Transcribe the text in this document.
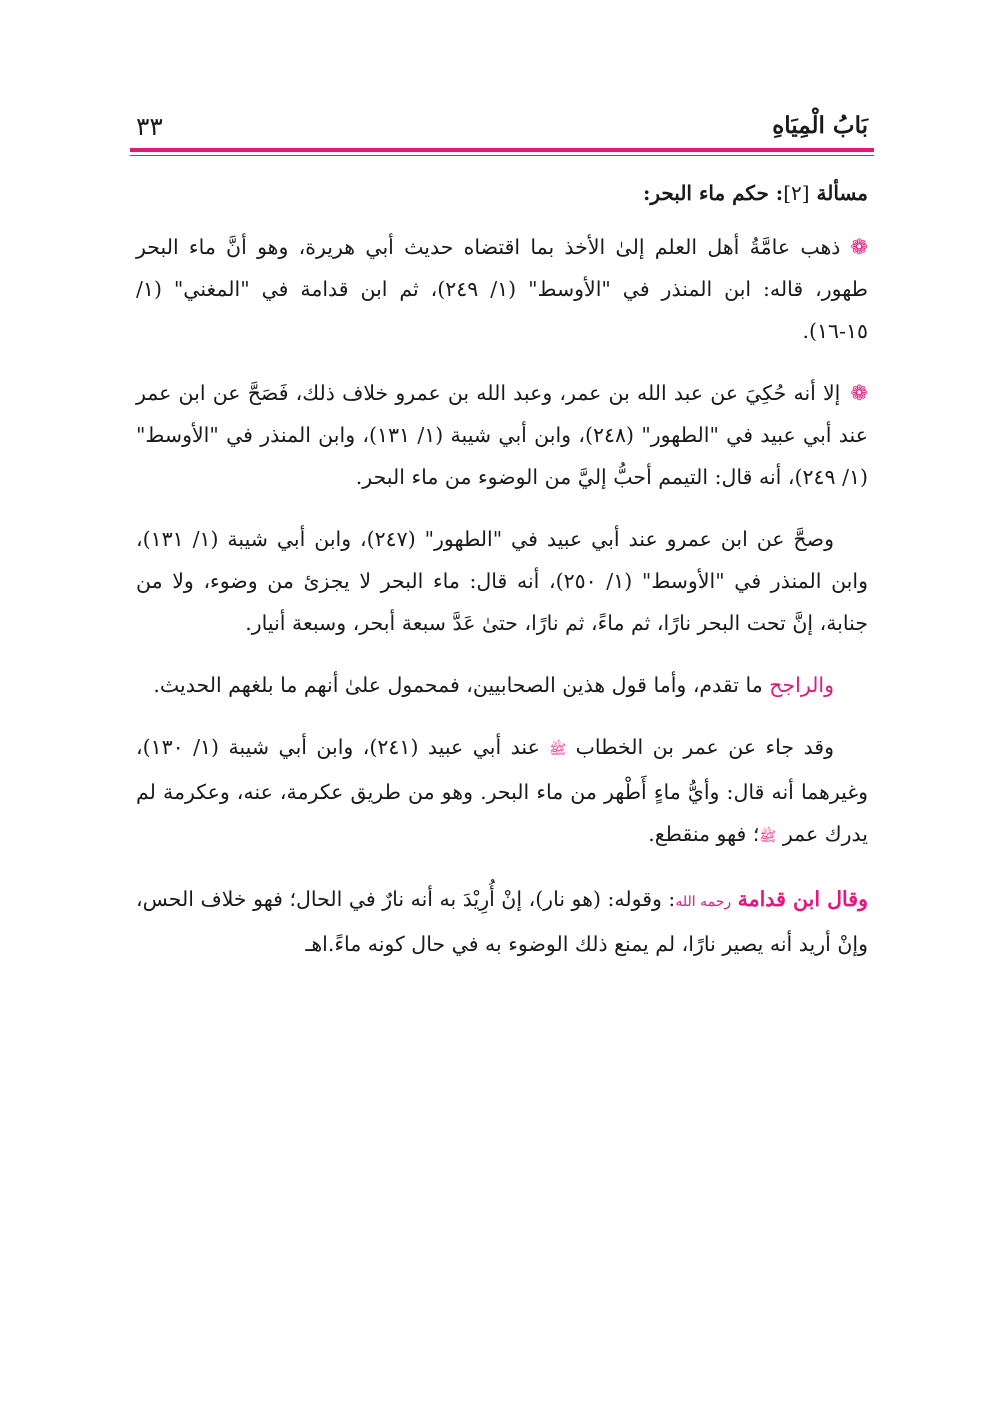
بَابُ الْمِيَاهِ
٣٣
مسألة [٢]: حكم ماء البحر:

❁ذهب عامَّةُ أهل العلم إلىٰ الأخذ بما اقتضاه حديث أبي هريرة، وهو أنَّ ماء البحر طهور، قاله: ابن المنذر في "الأوسط" (١/ ٢٤٩)، ثم ابن قدامة في "المغني" (١/ ١٥-١٦).

❁إلا أنه حُكِيَ عن عبد الله بن عمر، وعبد الله بن عمرو خلاف ذلك، فَصَحَّ عن ابن عمر عند أبي عبيد في "الطهور" (٢٤٨)، وابن أبي شيبة (١/ ١٣١)، وابن المنذر في "الأوسط" (١/ ٢٤٩)، أنه قال: التيمم أحبُّ إليَّ من الوضوء من ماء البحر.

وصحَّ عن ابن عمرو عند أبي عبيد في "الطهور" (٢٤٧)، وابن أبي شيبة (١/ ١٣١)، وابن المنذر في "الأوسط" (١/ ٢٥٠)، أنه قال: ماء البحر لا يجزئ من وضوء، ولا من جنابة، إنَّ تحت البحر نارًا، ثم ماءً، ثم نارًا، حتىٰ عَدَّ سبعة أبحر، وسبعة أنيار.

والراجح ما تقدم، وأما قول هذين الصحابيين، فمحمول علىٰ أنهم ما بلغهم الحديث.

وقد جاء عن عمر بن الخطاب ﷺ عند أبي عبيد (٢٤١)، وابن أبي شيبة (١/ ١٣٠)، وغيرهما أنه قال: وأيُّ ماءٍ أَطْهر من ماء البحر. وهو من طريق عكرمة، عنه، وعكرمة لم يدرك عمر ﷺ؛ فهو منقطع.

وقال ابن قدامة رحمه الله: وقوله: (هو نار)، إنْ أُرِيْدَ به أنه نارٌ في الحال؛ فهو خلاف الحس، وإنْ أريد أنه يصير نارًا، لم يمنع ذلك الوضوء به في حال كونه ماءً.اهـ
